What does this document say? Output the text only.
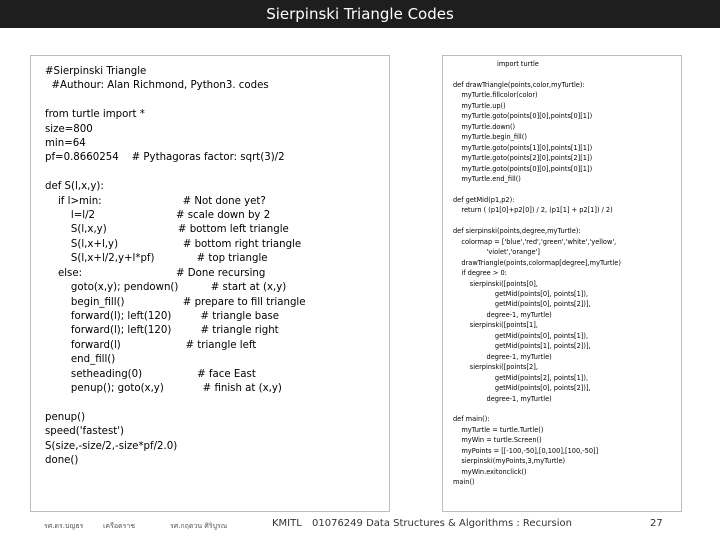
Sierpinski Triangle Codes
#Sierpinski Triangle
#Authour: Alan Richmond, Python3. codes

from turtle import *
size=800
min=64
pf=0.8660254    # Pythagoras factor: sqrt(3)/2

def S(l,x,y):
if l>min:                         # Not done yet?
l=l/2                         # scale down by 2
S(l,x,y)                      # bottom left triangle
S(l,x+l,y)                    # bottom right triangle
S(l,x+l/2,y+l*pf)             # top triangle
else:                             # Done recursing
goto(x,y); pendown()          # start at (x,y)
begin_fill()                  # prepare to fill triangle
forward(l); left(120)         # triangle base
forward(l); left(120)         # triangle right
forward(l)                    # triangle left
end_fill()
setheading(0)                 # face East
penup(); goto(x,y)            # finish at (x,y)

penup()
speed('fastest')
S(size,-size/2,-size*pf/2.0)
done()
import turtle

def drawTriangle(points,color,myTurtle):
myTurtle.fillcolor(color)
myTurtle.up()
myTurtle.goto(points[0][0],points[0][1])
myTurtle.down()
myTurtle.begin_fill()
myTurtle.goto(points[1][0],points[1][1])
myTurtle.goto(points[2][0],points[2][1])
myTurtle.goto(points[0][0],points[0][1])
myTurtle.end_fill()

def getMid(p1,p2):
return ( (p1[0]+p2[0]) / 2, (p1[1] + p2[1]) / 2)

def sierpinski(points,degree,myTurtle):
colormap = ['blue','red','green','white','yellow',
'violet','orange']
drawTriangle(points,colormap[degree],myTurtle)
if degree > 0:
sierpinski([points[0],
getMid(points[0], points[1]),
getMid(points[0], points[2])],
degree-1, myTurtle)
sierpinski([points[1],
getMid(points[0], points[1]),
getMid(points[1], points[2])],
degree-1, myTurtle)
sierpinski([points[2],
getMid(points[2], points[1]),
getMid(points[0], points[2])],
degree-1, myTurtle)

def main():
myTurtle = turtle.Turtle()
myWin = turtle.Screen()
myPoints = [[-100,-50],[0,100],[100,-50]]
sierpinski(myPoints,3,myTurtle)
myWin.exitonclick()
main()
รศ.ดร.บญธร	เครือตราช	รศ.กฤตวน ศิริบูรณ	KMITL 01076249 Data Structures & Algorithms : Recursion	27
